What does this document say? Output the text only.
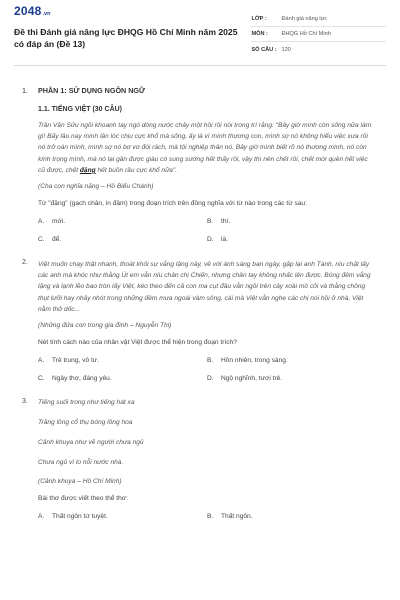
2048 .vn
Đề thi Đánh giá năng lực ĐHQG Hồ Chí Minh năm 2025 có đáp án (Đề 13)
LỚP :	Đánh giá năng lực
MÔN :	ĐHQG Hồ Chí Minh
SỐ CÂU : 120
1.	PHẦN 1: SỬ DỤNG NGÔN NGỮ
1.1. TIẾNG VIỆT (30 CÂU)

Trần Văn Sửu ngồi khoanh tay ngó dòng nước chảy một hồi rồi nói trong trí rằng: "Bây giờ mình còn sống nữa làm gì! Bấy lâu nay mình lận lóc chịu cực khổ mà sống, ấy là vì mình thương con, mình sợ nó không hiểu việc xưa rồi nó trở oán mình, mình sợ nó bơ vơ đói rách, mà tội nghiệp thân nó. Bây giờ mình biết rõ nó thương mình, nó còn kính trọng mình, mà nó lại gần được giàu có sung sướng hết thấy rồi, vậy thì nên chết rồi, chết mới quên hết việc cũ được, chết đặng hết buồn rầu cực khổ nữa".

(Cha con nghĩa nặng – Hồ Biểu Chánh)
Từ "đặng" (gạch chân, in đậm) trong đoạn trích trên đồng nghĩa với từ nào trong các từ sau:
A.	mới.	B.	thì.
C.	để.	D.	là.
2.	Việt muốn chạy thật nhanh, thoát khỏi sự vắng lặng này, về với ánh sáng ban ngày, gặp lại anh Tánh, níu chặt lấy các anh mà khóc như thằng Út em vẫn níu chân chị Chiến, nhưng chân tay không nhấc lên được. Bóng đêm vắng lặng và lạnh lẽo bao tròn lấy Việt, kéo theo đến cả con ma cụt đầu vẫn ngồi trên cây xoài mồ côi và thằng chồng thụt lưỡi hay nhảy nhót trong những đêm mưa ngoài vàm sông, cái mà Việt vẫn nghe các chị nói hồi ở nhà, Việt nằm thở dốc...

(Những đứa con trong gia đình – Nguyễn Thi)
Nét tính cách nào của nhân vật Việt được thể hiện trong đoạn trích?
A.	Trẻ trung, vô tư.	B.	Hồn nhiên, trong sáng.
C.	Ngây thơ, đáng yêu.	D.	Ngộ nghĩnh, tươi trẻ.
3.	Tiếng suối trong như tiếng hát xa
Trăng lồng cổ thụ bóng lồng hoa
Cảnh khuya như vẽ người chưa ngủ
Chưa ngủ vì lo nỗi nước nhà.
(Cảnh khuya – Hồ Chí Minh)
Bài thơ được viết theo thể thơ:
A.	Thất ngôn tứ tuyệt.	B.	Thất ngôn.
